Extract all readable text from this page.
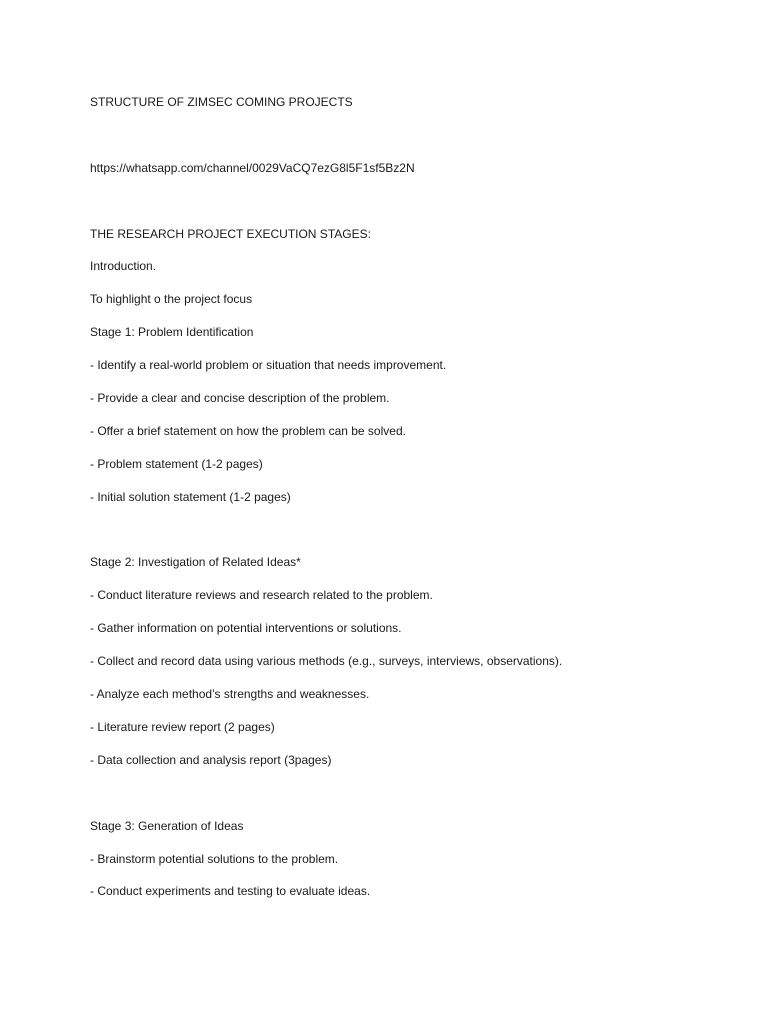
STRUCTURE OF ZIMSEC COMING PROJECTS
https://whatsapp.com/channel/0029VaCQ7ezG8l5F1sf5Bz2N
THE RESEARCH PROJECT EXECUTION STAGES:
Introduction.
To highlight o the project focus
Stage 1: Problem Identification
- Identify a real-world problem or situation that needs improvement.
- Provide a clear and concise description of the problem.
- Offer a brief statement on how the problem can be solved.
- Problem statement (1-2 pages)
- Initial solution statement (1-2 pages)
Stage 2: Investigation of Related Ideas*
- Conduct literature reviews and research related to the problem.
- Gather information on potential interventions or solutions.
- Collect and record data using various methods (e.g., surveys, interviews, observations).
- Analyze each method’s strengths and weaknesses.
- Literature review report (2 pages)
- Data collection and analysis report (3pages)
Stage 3: Generation of Ideas
- Brainstorm potential solutions to the problem.
- Conduct experiments and testing to evaluate ideas.
